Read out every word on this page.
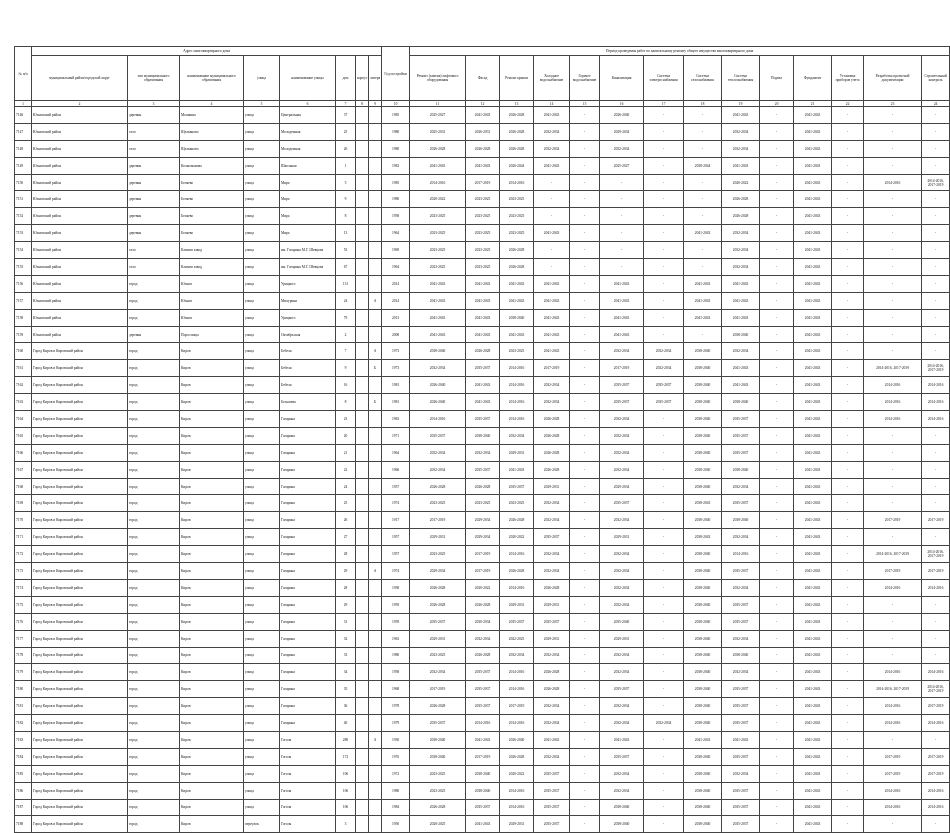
№ п/п	Адрес многоквартирного дома								Год постройки	Период проведения работ по капитальному ремонту общего имущества многоквартирного дома													
	муниципальный район/городской округ	тип муниципального образования	наименование муниципального образования	улица	наименование улицы	дом	корпус	литера		Ремонт (замена) лифтового оборудования	Фасад	Ремонт крыши	Холодное водоснабжение	Горячее водоснабжение	Канализация	Система электроснабжения	Система газоснабжения	Система теплоснабжения	Подвал	Фундамент	Установка приборов учета	Разработка проектной документации	Строительный контроль
1	2	3	4	5	6	7	8	9	10	11	12	13	14	15	16	17	18	19	20	21	22	23	24
7146	Юхновский район	деревня	Мошкино	улица	Центральная	37			1985	2025-2027	2041-2043	2026-2028	2041-2043	-	2026-2040	-	-	2041-2043	-	2041-2043	-	-	-
7147	Юхновский район	село	Щелканово	улица	Молодежная	25			1980	2025-2031	2026-2031	2026-2028	2032-2034	-	2029-2034	-	-	2032-2034	-	2041-2043	-	-	-
7148	Юхновский район	село	Щелканово	улица	Молодежная	26			1980	2026-2028	2026-2028	2026-2028	2032-2034	-	2032-2034	-	-	2032-2034	-	2041-2043	-	-	-
7149	Юхновский район	деревня	Колыхманово	улица	Школьная	1			1982	2041-2043	2041-2043	2026-2044	2041-2043	-	2025-2027	-	2038-2044	2041-2043	-	2041-2043	-	-	-
7150	Юхновский район	деревня	Беляево	улица	Мира	5			1985	2014-2016	2017-2019	2014-2016	-	-	-	-	-	2020-2022	-	2041-2043	-	2014-2016	2014-2016, 2017-2019
7151	Юхновский район	деревня	Беляево	улица	Мира	9			1980	2020-2022	2023-2025	2023-2025	-	-	-	-	-	2026-2028	-	2041-2043	-	-	-
7152	Юхновский район	деревня	Беляево	улица	Мира	8			1958	2023-2025	2023-2025	2023-2025	-	-	-	-	-	2026-2028	-	2041-2043	-	-	-
7153	Юхновский район	деревня	Беляево	улица	Мира	13			1964	2023-2025	2023-2025	2023-2025	2041-2043	-	-	-	2041-2043	2032-2034	-	2041-2043	-	-	-
7154	Юхновский район	село	Климов завод	улица	им. Гагарина М.Г. Шевцова	53			1969	2023-2025	2023-2025	2026-2028	-	-	-	-	-	2032-2034	-	2041-2043	-	-	-
7155	Юхновский район	село	Климов завод	улица	им. Гагарина М.Г. Шевцова	67			1964	2023-2025	2023-2025	2026-2028	-	-	-	-	-	2032-2034	-	2041-2043	-	-	-
7156	Юхновский район	город	Юхнов	улица	Урицкого	131			2014	2041-2043	2041-2043	2041-2043	2041-2043	-	2041-2043	-	2041-2043	2041-2043	-	2041-2043	-	-	-
7157	Юхновский район	город	Юхнов	улица	Мичурина	24		А	2014	2041-2043	2041-2043	2041-2043	2041-2043	-	2041-2043	-	2041-2043	2041-2043	-	2041-2043	-	-	-
7158	Юхновский район	город	Юхнов	улица	Урицкого	79			2013	2041-2043	2041-2043	2038-2040	2041-2043	-	2041-2043	-	2041-2043	2041-2043	-	2041-2043	-	-	-
7159	Юхновский район	деревня	Порослицы	улица	Октябрьская	2			2008	2041-2043	2041-2043	2041-2043	2041-2043	-	2041-2043	-	-	2038-2040	-	2041-2043	-	-	-
7160	Город Киров и Кировский район	город	Киров	улица	Бебеля	7		А	1973	2038-2040	2026-2028	2023-2025	2041-2043	-	2032-2034	2032-2034	2038-2040	2032-2034	-	2041-2043	-	-	-
7161	Город Киров и Кировский район	город	Киров	улица	Бебеля	9		Б	1973	2032-2034	2035-2037	2014-2016	2017-2019	-	2017-2019	2032-2034	2038-2040	2041-2043	-	2041-2043	-	2014-2016, 2017-2019	2014-2016, 2017-2019
7162	Город Киров и Кировский район	город	Киров	улица	Бебеля	16			1981	2026-2040	2041-2043	2014-2016	2032-2034	-	2035-2037	2035-2037	2038-2040	2041-2043	-	2041-2043	-	2014-2016	2014-2016
7163	Город Киров и Кировский район	город	Киров	улица	Бельшева	8		Б	1981	2026-2040	2041-2043	2014-2016	2032-2034	-	2035-2037	2035-2037	2038-2040	2038-2040	-	2041-2043	-	2014-2016	2014-2016
7164	Город Киров и Кировский район	город	Киров	улица	Гагарина	23			1963	2014-2016	2035-2037	2014-2016	2026-2028	-	2032-2034	-	2038-2040	2035-2037	-	2041-2043	-	2014-2016	2014-2016
7165	Город Киров и Кировский район	город	Киров	улица	Гагарина	20			1971	2035-2037	2038-2040	2032-2034	2026-2028	-	2032-2034	-	2038-2040	2035-2037	-	2041-2043	-	-	-
7166	Город Киров и Кировский район	город	Киров	улица	Гагарина	21			1964	2032-2034	2032-2034	2029-2031	2026-2028	-	2032-2034	-	2038-2040	2035-2037	-	2041-2043	-	-	-
7167	Город Киров и Кировский район	город	Киров	улица	Гагарина	22			1966	2032-2034	2035-2037	2041-2043	2026-2028	-	2032-2034	-	2038-2040	2038-2040	-	2041-2043	-	-	-
7168	Город Киров и Кировский район	город	Киров	улица	Гагарина	24			1957	2026-2028	2026-2028	2035-2037	2029-2031	-	2029-2034	-	2038-2040	2032-2034	-	2041-2043	-	-	-
7169	Город Киров и Кировский район	город	Киров	улица	Гагарина	25			1974	2023-2025	2023-2025	2023-2025	2032-2034	-	2035-2037	-	2038-2043	2035-2037	-	2041-2043	-	-	-
7170	Город Киров и Кировский район	город	Киров	улица	Гагарина	26			1917	2017-2019	2029-2034	2026-2028	2032-2034	-	2032-2034	-	2038-2040	2038-2040	-	2041-2043	-	2017-2019	2017-2019
7171	Город Киров и Кировский район	город	Киров	улица	Гагарина	27			1957	2029-2031	2029-2034	2020-2022	2035-2037	-	2029-2031	-	2038-2043	2032-2034	-	2041-2043	-	-	-
7172	Город Киров и Кировский район	город	Киров	улица	Гагарина	28			1957	2023-2025	2017-2019	2014-2016	2032-2034	-	2032-2034	-	2038-2040	2014-2016	-	2041-2043	-	2014-2016, 2017-2019	2014-2016, 2017-2019
7173	Город Киров и Кировский район	город	Киров	улица	Гагарина	29		А	1974	2029-2034	2017-2019	2026-2028	2032-2034	-	2032-2034	-	2038-2040	2035-2037	-	2041-2043	-	2017-2019	2017-2019
7174	Город Киров и Кировский район	город	Киров	улица	Гагарина	28			1958	2026-2028	2020-2022	2014-2016	2026-2028	-	2032-2034	-	2038-2040	2032-2034	-	2041-2043	-	2014-2016	2014-2016
7175	Город Киров и Кировский район	город	Киров	улица	Гагарина	29			1959	2026-2028	2026-2028	2029-2031	2029-2031	-	2032-2034	-	2038-2040	2035-2037	-	2041-2043	-	-	-
7176	Город Киров и Кировский район	город	Киров	улица	Гагарина	31			1959	2035-2037	2030-2034	2035-2037	2035-2037	-	2035-2040	-	2038-2040	2035-2037	-	2041-2043	-	-	-
7177	Город Киров и Кировский район	город	Киров	улица	Гагарина	32			1963	2029-2031	2032-2034	2022-2025	2029-2031	-	2029-2031	-	2038-2040	2032-2034	-	2041-2043	-	-	-
7178	Город Киров и Кировский район	город	Киров	улица	Гагарина	33			1980	2023-2025	2026-2028	2032-2034	2032-2034	-	2032-2034	-	2038-2040	2038-2040	-	2041-2043	-	-	-
7179	Город Киров и Кировский район	город	Киров	улица	Гагарина	34			1958	2032-2034	2035-2037	2014-2016	2026-2028	-	2032-2034	-	2038-2040	2032-2034	-	2041-2043	-	2014-2016	2014-2016
7180	Город Киров и Кировский район	город	Киров	улица	Гагарина	35			1968	2017-2019	2035-2037	2014-2016	2026-2028	-	2035-2037	-	2038-2040	2035-2037	-	2041-2043	-	2014-2016, 2017-2019	2014-2016, 2017-2019
7181	Город Киров и Кировский район	город	Киров	улица	Гагарина	36			1978	2026-2028	2035-2037	2017-2019	2032-2034	-	2032-2034	-	2038-2040	2035-2037	-	2041-2043	-	2014-2016	2017-2019
7182	Город Киров и Кировский район	город	Киров	улица	Гагарина	40			1979	2035-2037	2014-2016	2014-2016	2032-2034	-	2032-2034	2032-2034	2038-2040	2035-2037	-	2041-2043	-	2014-2016	2014-2016
7183	Город Киров и Кировский район	город	Киров	улица	Гоголя	280		А	1930	2038-2040	2041-2043	2026-2040	2041-2043	-	2041-2043	-	2041-2043	2041-2043	-	2041-2043	-	-	-
7184	Город Киров и Кировский район	город	Киров	улица	Гоголя	172			1976	2038-2040	2017-2019	2026-2028	2032-2034	-	2035-2037	-	2038-2040	2035-2037	-	2041-2043	-	2017-2019	2017-2019
7185	Город Киров и Кировский район	город	Киров	улица	Гоголя	106			1972	2023-2025	2038-2040	2020-2022	2035-2037	-	2032-2034	-	2038-2040	2032-2034	-	2041-2043	-	2017-2019	2017-2019
7186	Город Киров и Кировский район	город	Киров	улица	Гоголя	106			1980	2023-2025	2038-2040	2014-2016	2035-2037	-	2032-2034	-	2038-2040	2035-2037	-	2041-2043	-	2014-2016	2014-2016
7187	Город Киров и Кировский район	город	Киров	улица	Гоголя	106			1984	2026-2028	2035-2037	2014-2016	2035-2037	-	2038-2040	-	2038-2040	2035-2037	-	2041-2043	-	2014-2016	2014-2016
7188	Город Киров и Кировский район	город	Киров	переулок	Гоголя	3			1950	2020-2025	2041-2043	2029-2031	2035-2037	-	2038-2040	-	2038-2040	2035-2037	-	2041-2043	-	-	-
